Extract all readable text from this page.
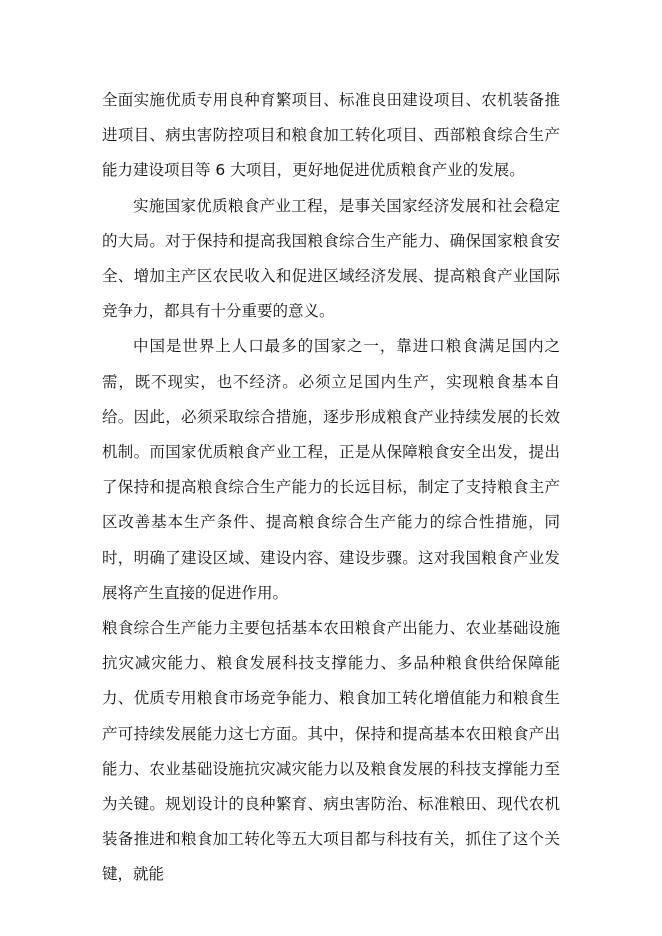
全面实施优质专用良种育繁项目、标准良田建设项目、农机装备推进项目、病虫害防控项目和粮食加工转化项目、西部粮食综合生产能力建设项目等 6 大项目，更好地促进优质粮食产业的发展。

实施国家优质粮食产业工程，是事关国家经济发展和社会稳定的大局。对于保持和提高我国粮食综合生产能力、确保国家粮食安全、增加主产区农民收入和促进区域经济发展、提高粮食产业国际竞争力，都具有十分重要的意义。

中国是世界上人口最多的国家之一，靠进口粮食满足国内之需，既不现实，也不经济。必须立足国内生产，实现粮食基本自给。因此，必须采取综合措施，逐步形成粮食产业持续发展的长效机制。而国家优质粮食产业工程，正是从保障粮食安全出发，提出了保持和提高粮食综合生产能力的长远目标，制定了支持粮食主产区改善基本生产条件、提高粮食综合生产能力的综合性措施，同时，明确了建设区域、建设内容、建设步骤。这对我国粮食产业发展将产生直接的促进作用。

粮食综合生产能力主要包括基本农田粮食产出能力、农业基础设施抗灾减灾能力、粮食发展科技支撑能力、多品种粮食供给保障能力、优质专用粮食市场竞争能力、粮食加工转化增值能力和粮食生产可持续发展能力这七方面。其中，保持和提高基本农田粮食产出能力、农业基础设施抗灾减灾能力以及粮食发展的科技支撑能力至为关键。规划设计的良种繁育、病虫害防治、标准粮田、现代农机装备推进和粮食加工转化等五大项目都与科技有关，抓住了这个关键，就能
